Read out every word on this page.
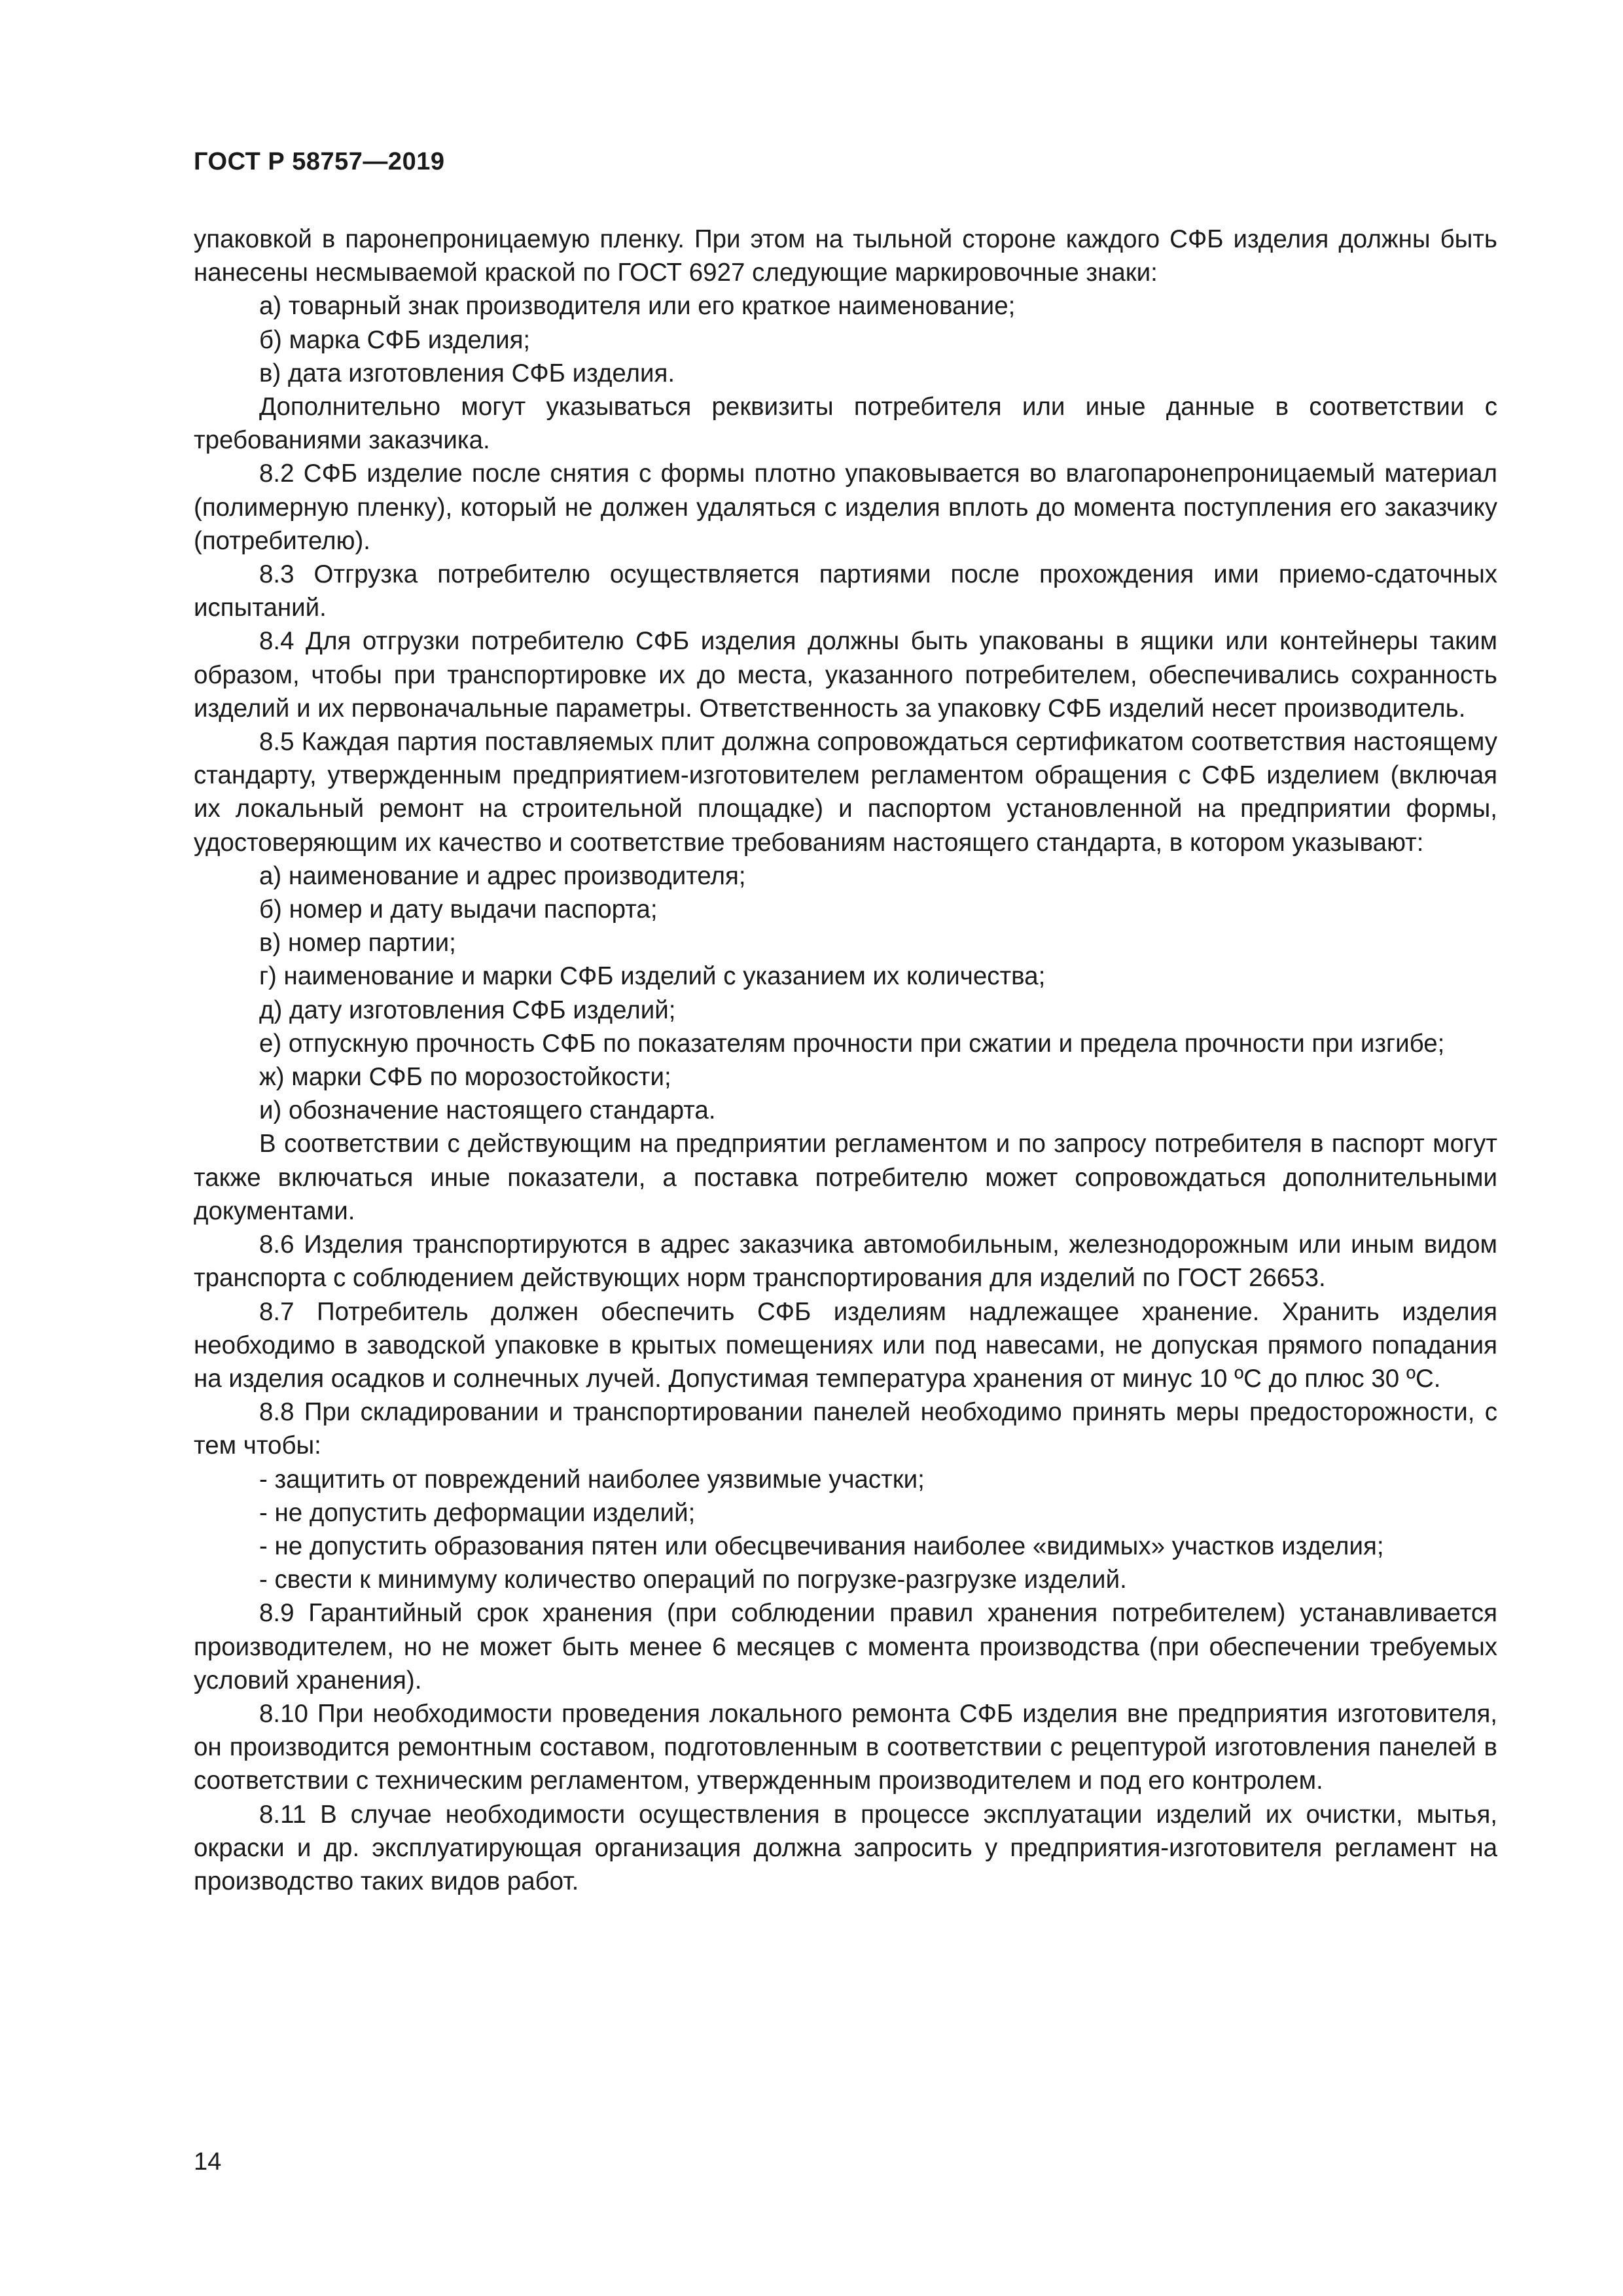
ГОСТ Р 58757—2019

упаковкой в паронепроницаемую пленку. При этом на тыльной стороне каждого СФБ изделия должны быть нанесены несмываемой краской по ГОСТ 6927 следующие маркировочные знаки:

а) товарный знак производителя или его краткое наименование;

б) марка СФБ изделия;

в) дата изготовления СФБ изделия.

Дополнительно могут указываться реквизиты потребителя или иные данные в соответствии с требованиями заказчика.

8.2 СФБ изделие после снятия с формы плотно упаковывается во влагопаронепроницаемый материал (полимерную пленку), который не должен удаляться с изделия вплоть до момента поступления его заказчику (потребителю).

8.3 Отгрузка потребителю осуществляется партиями после прохождения ими приемо-сдаточных испытаний.

8.4 Для отгрузки потребителю СФБ изделия должны быть упакованы в ящики или контейнеры таким образом, чтобы при транспортировке их до места, указанного потребителем, обеспечивались сохранность изделий и их первоначальные параметры. Ответственность за упаковку СФБ изделий несет производитель.

8.5 Каждая партия поставляемых плит должна сопровождаться сертификатом соответствия настоящему стандарту, утвержденным предприятием-изготовителем регламентом обращения с СФБ изделием (включая их локальный ремонт на строительной площадке) и паспортом установленной на предприятии формы, удостоверяющим их качество и соответствие требованиям настоящего стандарта, в котором указывают:

а) наименование и адрес производителя;

б) номер и дату выдачи паспорта;

в) номер партии;

г) наименование и марки СФБ изделий с указанием их количества;

д) дату изготовления СФБ изделий;

е) отпускную прочность СФБ по показателям прочности при сжатии и предела прочности при изгибе;

ж) марки СФБ по морозостойкости;

и) обозначение настоящего стандарта.

В соответствии с действующим на предприятии регламентом и по запросу потребителя в паспорт могут также включаться иные показатели, а поставка потребителю может сопровождаться дополнительными документами.

8.6 Изделия транспортируются в адрес заказчика автомобильным, железнодорожным или иным видом транспорта с соблюдением действующих норм транспортирования для изделий по ГОСТ 26653.

8.7 Потребитель должен обеспечить СФБ изделиям надлежащее хранение. Хранить изделия необходимо в заводской упаковке в крытых помещениях или под навесами, не допуская прямого попадания на изделия осадков и солнечных лучей. Допустимая температура хранения от минус 10 ºС до плюс 30 ºС.

8.8 При складировании и транспортировании панелей необходимо принять меры предосторожности, с тем чтобы:

- защитить от повреждений наиболее уязвимые участки;

- не допустить деформации изделий;

- не допустить образования пятен или обесцвечивания наиболее «видимых» участков изделия;

- свести к минимуму количество операций по погрузке-разгрузке изделий.

8.9 Гарантийный срок хранения (при соблюдении правил хранения потребителем) устанавливается производителем, но не может быть менее 6 месяцев с момента производства (при обеспечении требуемых условий хранения).

8.10 При необходимости проведения локального ремонта СФБ изделия вне предприятия изготовителя, он производится ремонтным составом, подготовленным в соответствии с рецептурой изготовления панелей в соответствии с техническим регламентом, утвержденным производителем и под его контролем.

8.11 В случае необходимости осуществления в процессе эксплуатации изделий их очистки, мытья, окраски и др. эксплуатирующая организация должна запросить у предприятия-изготовителя регламент на производство таких видов работ.

14
